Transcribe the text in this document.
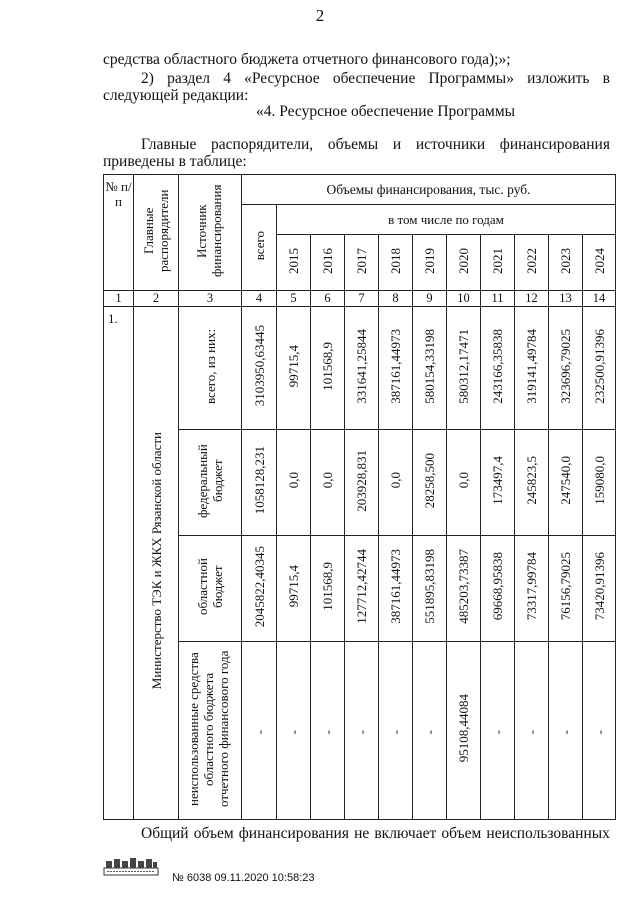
2
средства областного бюджета отчетного финансового года);»;
2) раздел 4 «Ресурсное обеспечение Программы» изложить в
следующей редакции:
«4. Ресурсное обеспечение Программы
Главные распорядители, объемы и источники финансирования
приведены в таблице:
№ п/п	Главные распорядители	Источник финансирования	Объемы финансирования, тыс. руб.										
			всего	в том числе по годам									
				2015	2016	2017	2018	2019	2020	2021	2022	2023	2024
1	2	3	4	5	6	7	8	9	10	11	12	13	14
1.	Министерство ТЭК и ЖКХ Рязанской области	всего, из них:	3103950,63445	99715,4	101568,9	331641,25844	387161,44973	580154,33198	580312,17471	243166,35838	319141,49784	323696,79025	232500,91396
		федеральный бюджет	1058128,231	0,0	0,0	203928,831	0,0	28258,500	0,0	173497,4	245823,5	247540,0	159080,0
		областной бюджет	2045822,40345	99715,4	101568,9	127712,42744	387161,44973	551895,83198	485203,73387	69668,95838	73317,99784	76156,79025	73420,91396
		неиспользованные средства областного бюджета отчетного финансового года	-	-	-	-	-	-	95108,44084	-	-	-	-
Общий объем финансирования не включает объем неиспользованных
№ 6038 09.11.2020 10:58:23
